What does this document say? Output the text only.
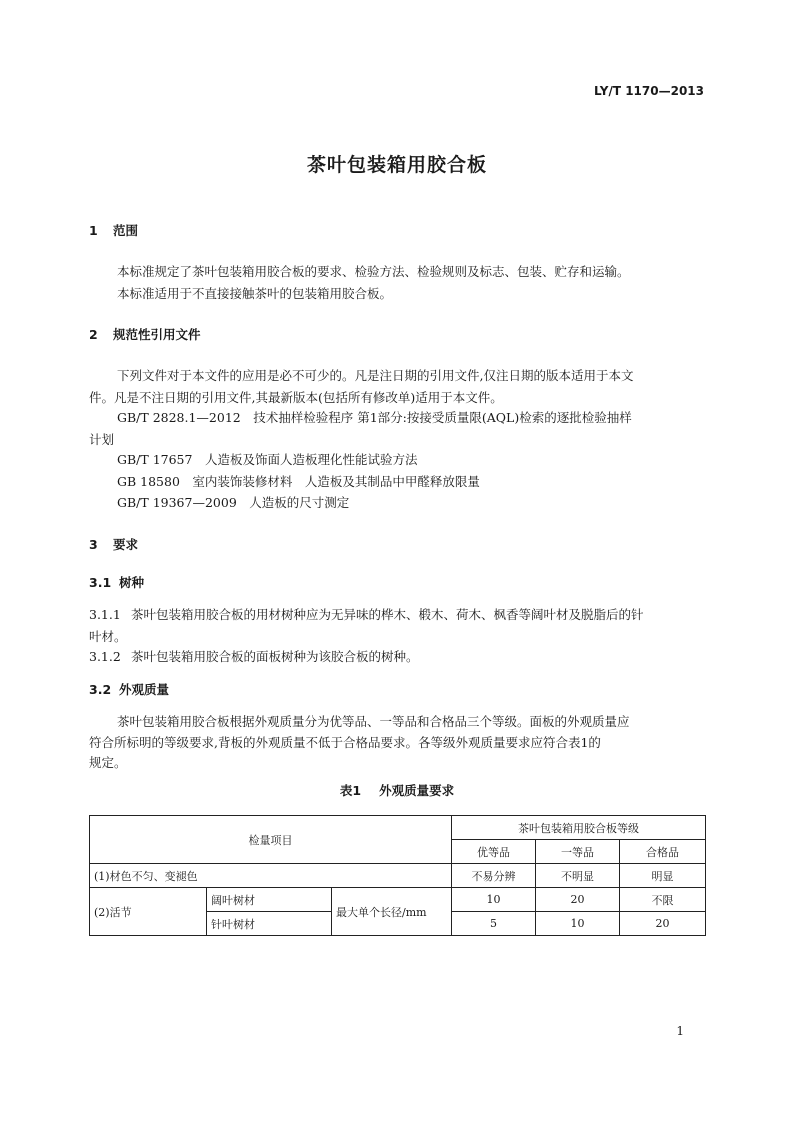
LY/T 1170—2013
茶叶包装箱用胶合板
1 范围
本标准规定了茶叶包装箱用胶合板的要求、检验方法、检验规则及标志、包装、贮存和运输。
本标准适用于不直接接触茶叶的包装箱用胶合板。
2 规范性引用文件
下列文件对于本文件的应用是必不可少的。凡是注日期的引用文件,仅注日期的版本适用于本文
件。凡是不注日期的引用文件,其最新版本(包括所有修改单)适用于本文件。
GB/T 2828.1—2012　技术抽样检验程序 第1部分:按接受质量限(AQL)检索的逐批检验抽样
计划
GB/T 17657　人造板及饰面人造板理化性能试验方法
GB 18580　室内装饰装修材料　人造板及其制品中甲醛释放限量
GB/T 19367—2009　人造板的尺寸测定
3 要求
3.1 树种
3.1.1 茶叶包装箱用胶合板的用材树种应为无异味的桦木、椴木、荷木、枫香等阔叶材及脱脂后的针
叶材。
3.1.2 茶叶包装箱用胶合板的面板树种为该胶合板的树种。
3.2 外观质量
茶叶包装箱用胶合板根据外观质量分为优等品、一等品和合格品三个等级。面板的外观质量应
符合所标明的等级要求,背板的外观质量不低于合格品要求。各等级外观质量要求应符合表1的
规定。
表1 外观质量要求
检量项目			茶叶包装箱用胶合板等级		
			优等品	一等品	合格品
(1)材色不匀、变褪色			不易分辨	不明显	明显
(2)活节	阔叶树材	最大单个长径/mm	10	20	不限
	针叶树材		5	10	20
1
